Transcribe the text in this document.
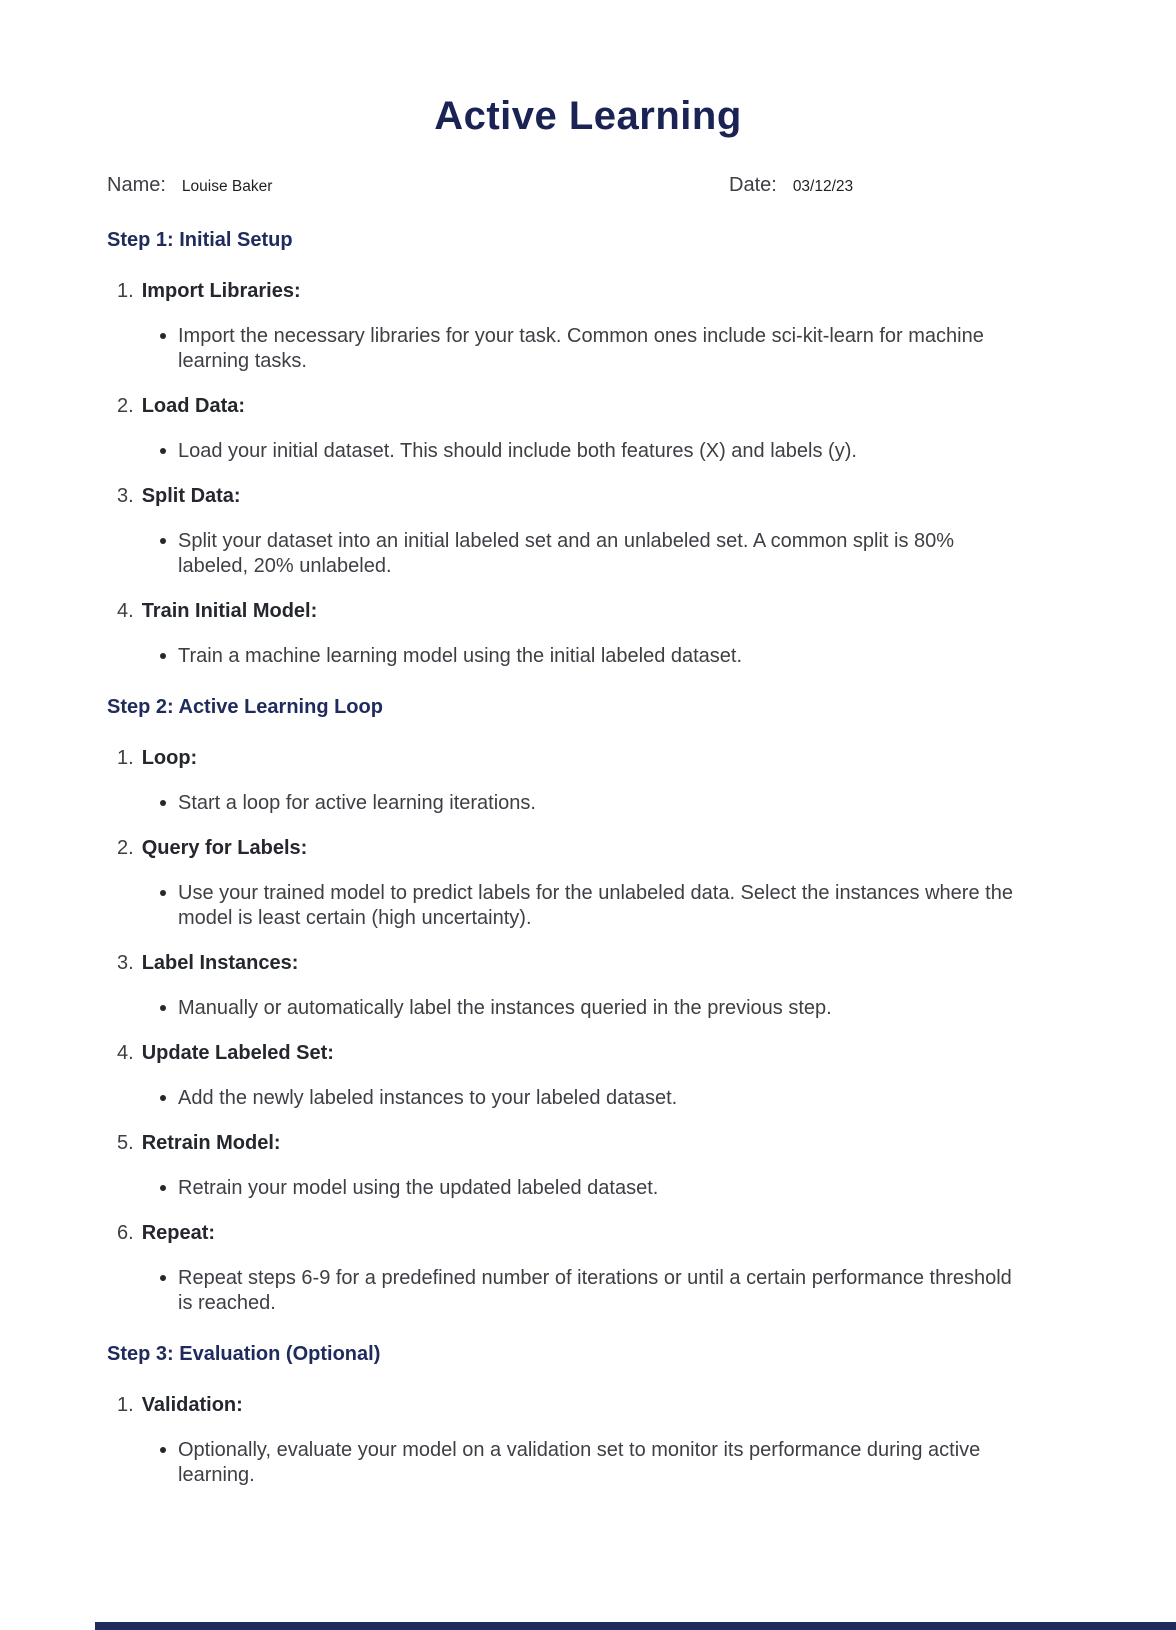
Active Learning
Name: Louise Baker	Date: 03/12/23
Step 1: Initial Setup
1. Import Libraries:
Import the necessary libraries for your task. Common ones include sci-kit-learn for machine learning tasks.
2. Load Data:
Load your initial dataset. This should include both features (X) and labels (y).
3. Split Data:
Split your dataset into an initial labeled set and an unlabeled set. A common split is 80% labeled, 20% unlabeled.
4. Train Initial Model:
Train a machine learning model using the initial labeled dataset.
Step 2: Active Learning Loop
1. Loop:
Start a loop for active learning iterations.
2. Query for Labels:
Use your trained model to predict labels for the unlabeled data. Select the instances where the model is least certain (high uncertainty).
3. Label Instances:
Manually or automatically label the instances queried in the previous step.
4. Update Labeled Set:
Add the newly labeled instances to your labeled dataset.
5. Retrain Model:
Retrain your model using the updated labeled dataset.
6. Repeat:
Repeat steps 6-9 for a predefined number of iterations or until a certain performance threshold is reached.
Step 3: Evaluation (Optional)
1. Validation:
Optionally, evaluate your model on a validation set to monitor its performance during active learning.
